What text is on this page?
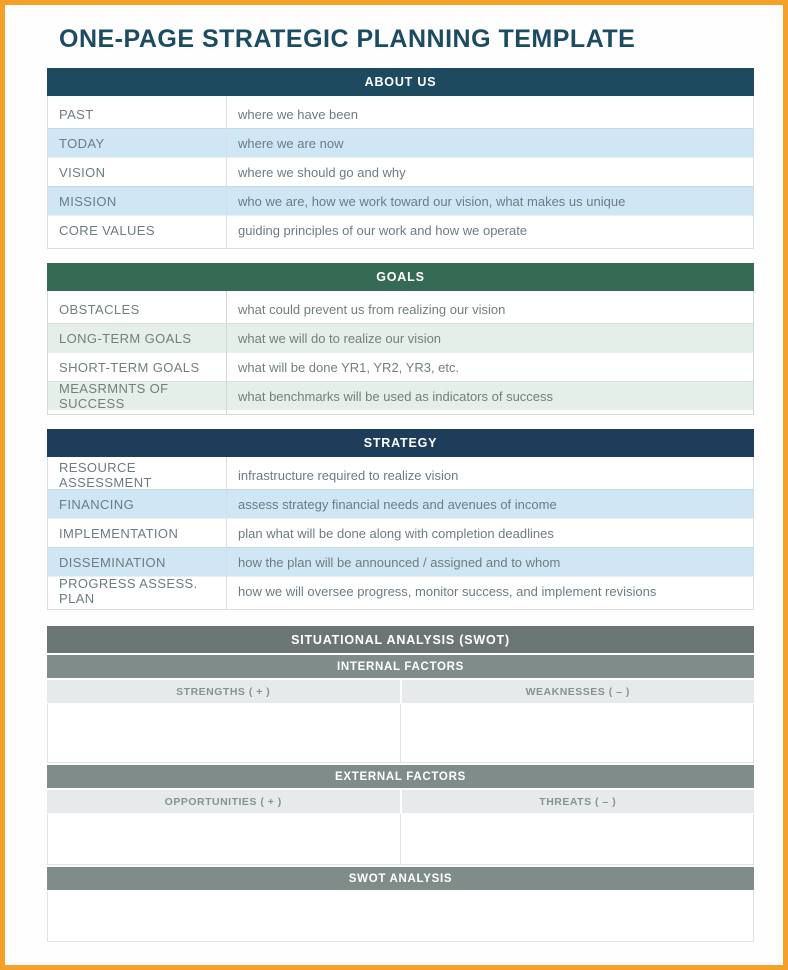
ONE-PAGE STRATEGIC PLANNING TEMPLATE
ABOUT US
PAST	where we have been
TODAY	where we are now
VISION	where we should go and why
MISSION	who we are, how we work toward our vision, what makes us unique
CORE VALUES	guiding principles of our work and how we operate
GOALS
OBSTACLES	what could prevent us from realizing our vision
LONG-TERM GOALS	what we will do to realize our vision
SHORT-TERM GOALS	what will be done YR1, YR2, YR3, etc.
MEASRMNTS OF SUCCESS	what benchmarks will be used as indicators of success
STRATEGY
RESOURCE ASSESSMENT	infrastructure required to realize vision
FINANCING	assess strategy financial needs and avenues of income
IMPLEMENTATION	plan what will be done along with completion deadlines
DISSEMINATION	how the plan will be announced / assigned and to whom
PROGRESS ASSESS. PLAN	how we will oversee progress, monitor success, and implement revisions
SITUATIONAL ANALYSIS (SWOT)
INTERNAL FACTORS
STRENGTHS ( + )	WEAKNESSES ( – )
EXTERNAL FACTORS
OPPORTUNITIES ( + )	THREATS ( – )
SWOT ANALYSIS
